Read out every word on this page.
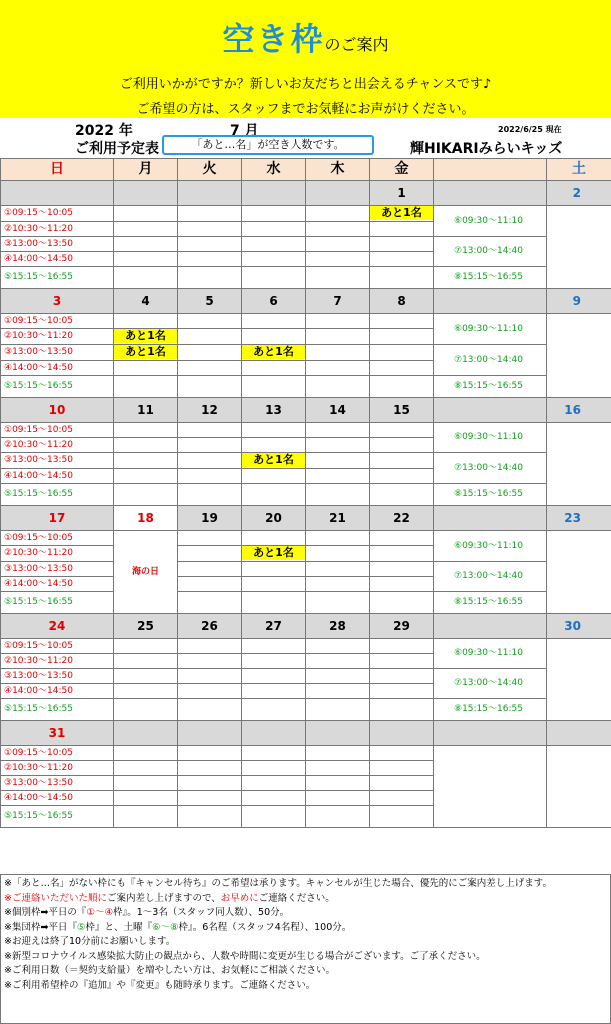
空き枠のご案内
ご利用いかがですか？新しいお友だちと出会えるチャンスです♪
ご希望の方は、スタッフまでお気軽にお声がけください。
2022 年	7 月	2022/6/25 現在
ご利用予定表	「あと…名」が空き人数です。	輝HIKARIみらいキッズ
日	月	火	水	木	金		土
					1		2
①09:15～10:05					あと1名	⑥09:30～11:10	
②10:30～11:20							
③13:00～13:50						⑦13:00～14:40	
④14:00～14:50							
⑤15:15～16:55						⑧15:15～16:55	
3	4	5	6	7	8		9
①09:15～10:05						⑥09:30～11:10	
②10:30～11:20	あと1名						
③13:00～13:50	あと1名		あと1名			⑦13:00～14:40	
④14:00～14:50							
⑤15:15～16:55						⑧15:15～16:55	
10	11	12	13	14	15		16
①09:15～10:05						⑥09:30～11:10	
②10:30～11:20							
③13:00～13:50			あと1名			⑦13:00～14:40	
④14:00～14:50							
⑤15:15～16:55						⑧15:15～16:55	
17	18	19	20	21	22		23
①09:15～10:05	海の日					⑥09:30～11:10	
②10:30～11:20			あと1名				
③13:00～13:50						⑦13:00～14:40	
④14:00～14:50							
⑤15:15～16:55						⑧15:15～16:55	
24	25	26	27	28	29		30
①09:15～10:05						⑥09:30～11:10	
②10:30～11:20							
③13:00～13:50						⑦13:00～14:40	
④14:00～14:50							
⑤15:15～16:55						⑧15:15～16:55	
31							
①09:15～10:05							
②10:30～11:20							
③13:00～13:50							
④14:00～14:50							
⑤15:15～16:55							
※「あと…名」がない枠にも『キャンセル待ち』のご希望は承ります。キャンセルが生じた場合、優先的にご案内差し上げます。
※ご連絡いただいた順にご案内差し上げますので、お早めにご連絡ください。
※個別枠➡平日の『①～④枠』。1～3名（スタッフ同人数）、50分。
※集団枠➡平日『⑤枠』と、土曜『⑥～⑧枠』。6名程（スタッフ4名程）、100分。
※お迎えは終了10分前にお願いします。
※新型コロナウイルス感染拡大防止の観点から、人数や時間に変更が生じる場合がございます。ご了承ください。
※ご利用日数（＝契約支給量）を増やしたい方は、お気軽にご相談ください。
※ご利用希望枠の『追加』や『変更』も随時承ります。ご連絡ください。
